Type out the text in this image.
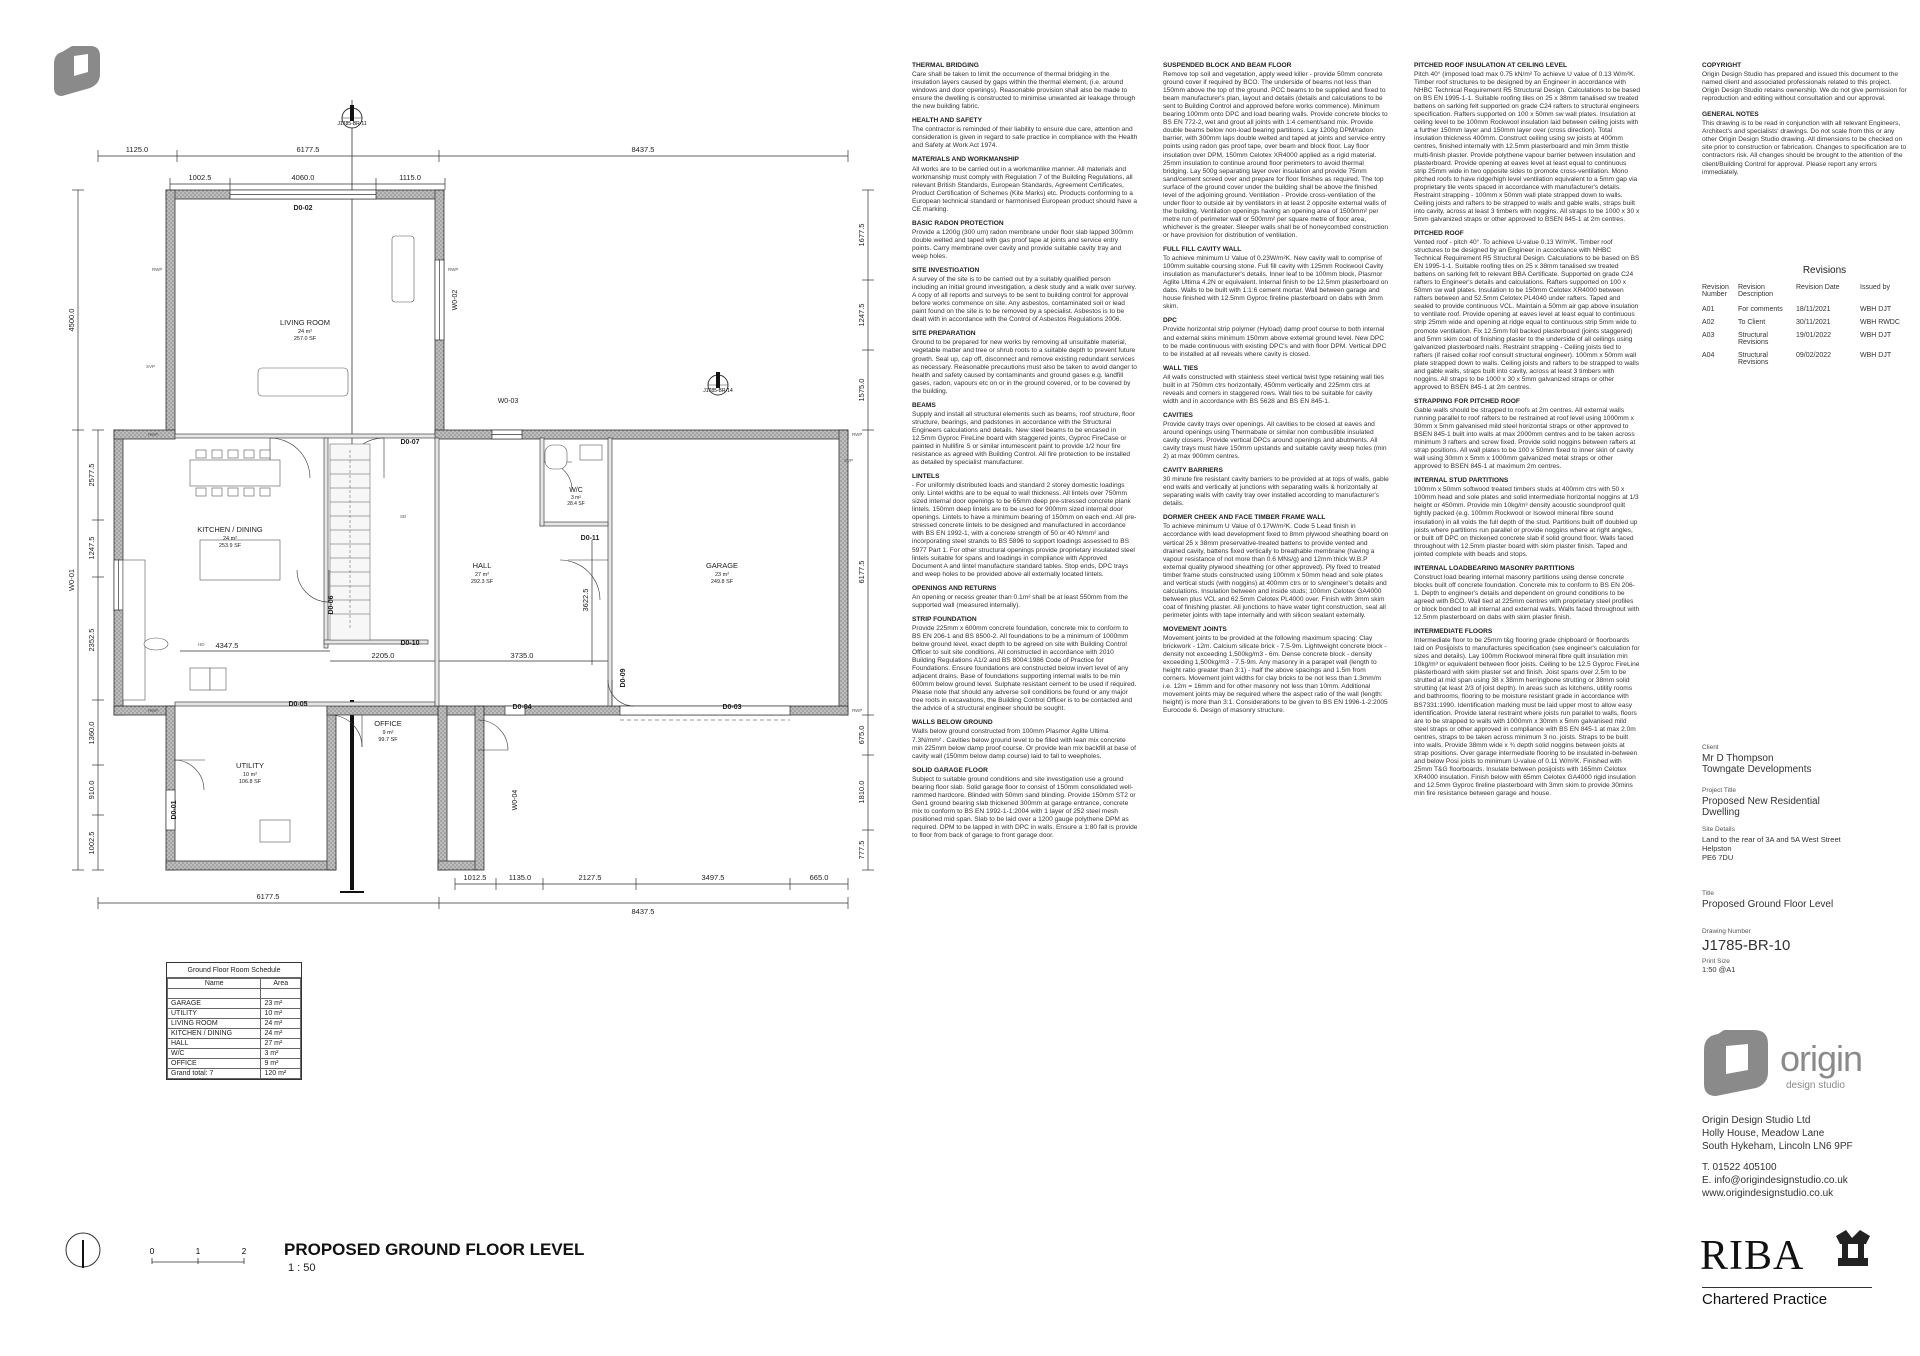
J1785-BR-11
J1785-BR-14
LIVING ROOM
24 m²
257.0 SF
KITCHEN / DINING
24 m²
253.9 SF
HALL
27 m²
292.3 SF
W/C
3 m²
28.4 SF
GARAGE
23 m²
249.8 SF
OFFICE
9 m²
99.7 SF
UTILITY
10 m²
106.8 SF
D0-02
D0-07
D0-11
D0-06
D0-10
D0-09
D0-05	D0-04	D0-03
D0-01
W0-02
W0-03
W0-04
RWP	RWP
RWP	RWP
RWP	RWP
SVP
SVP
SD
HD
1125.0	6177.5	8437.5
1002.5	4060.0	1115.0
4500.0
W0-01
2577.5
1247.5
2352.5
1360.0
910.0
1002.5
1677.5
1247.5
1575.0
6177.5
675.0
1810.0
777.5
1012.5	1135.0	2127.5	3497.5	665.0
6177.5
8437.5
4347.5
2205.0	3735.0
3622.5
0	1	2 PROPOSED GROUND FLOOR LEVEL
1 : 50
Ground Floor Room Schedule
Name	Area

GARAGE	23 m²
UTILITY	10 m²
LIVING ROOM	24 m²
KITCHEN / DINING	24 m²
HALL	27 m²
W/C	3 m²
OFFICE	9 m²
Grand total: 7	120 m²
THERMAL BRIDGING
Care shall be taken to limit the occurrence of thermal bridging in the insulation layers caused by gaps within the thermal element, (i.e. around windows and door openings). Reasonable provision shall also be made to ensure the dwelling is constructed to minimise unwanted air leakage through the new building fabric.
HEALTH AND SAFETY
The contractor is reminded of their liability to ensure due care, attention and consideration is given in regard to safe practice in compliance with the Health and Safety at Work Act 1974.
MATERIALS AND WORKMANSHIP
All works are to be carried out in a workmanlike manner. All materials and workmanship must comply with Regulation 7 of the Building Regulations, all relevant British Standards, European Standards, Agreement Certificates, Product Certification of Schemes (Kite Marks) etc. Products conforming to a European technical standard or harmonised European product should have a CE marking.
BASIC RADON PROTECTION
Provide a 1200g (300 um) radon membrane under floor slab lapped 300mm double welted and taped with gas proof tape at joints and service entry points. Carry membrane over cavity and provide suitable cavity tray and weep holes.
SITE INVESTIGATION
A survey of the site is to be carried out by a suitably qualified person including an initial ground investigation, a desk study and a walk over survey. A copy of all reports and surveys to be sent to building control for approval before works commence on site. Any asbestos, contaminated soil or lead paint found on the site is to be removed by a specialist. Asbestos is to be dealt with in accordance with the Control of Asbestos Regulations 2006.
SITE PREPARATION
Ground to be prepared for new works by removing all unsuitable material, vegetable matter and tree or shrub roots to a suitable depth to prevent future growth. Seal up, cap off, disconnect and remove existing redundant services as necessary. Reasonable precautions must also be taken to avoid danger to health and safety caused by contaminants and ground gases e.g. landfill gases, radon, vapours etc on or in the ground covered, or to be covered by the building.
BEAMS
Supply and install all structural elements such as beams, roof structure, floor structure, bearings, and padstones in accordance with the Structural Engineers calculations and details. New steel beams to be encased in 12.5mm Gyproc FireLine board with staggered joints, Gyproc FireCase or painted in Nullifire S or similar intumescent paint to provide 1/2 hour fire resistance as agreed with Building Control. All fire protection to be installed as detailed by specialist manufacturer.
LINTELS
- For uniformly distributed loads and standard 2 storey domestic loadings only. Lintel widths are to be equal to wall thickness. All lintels over 750mm sized internal door openings to be 65mm deep pre-stressed concrete plank lintels. 150mm deep lintels are to be used for 900mm sized internal door openings. Lintels to have a minimum bearing of 150mm on each end. All pre-stressed concrete lintels to be designed and manufactured in accordance with BS EN 1992-1, with a concrete strength of 50 or 40 N/mm² and incorporating steel strands to BS 5896 to support loadings assessed to BS 5977 Part 1. For other structural openings provide proprietary insulated steel lintels suitable for spans and loadings in compliance with Approved Document A and lintel manufacture standard tables. Stop ends, DPC trays and weep holes to be provided above all externally located lintels.
OPENINGS AND RETURNS
An opening or recess greater than 0.1m² shall be at least 550mm from the supported wall (measured internally).
STRIP FOUNDATION
Provide 225mm x 600mm concrete foundation, concrete mix to conform to BS EN 206-1 and BS 8500-2. All foundations to be a minimum of 1000mm below ground level, exact depth to be agreed on site with Building Control Officer to suit site conditions. All constructed in accordance with 2010 Building Regulations A1/2 and BS 8004:1986 Code of Practice for Foundations. Ensure foundations are constructed below invert level of any adjacent drains. Base of foundations supporting internal walls to be min 600mm below ground level. Sulphate resistant cement to be used if required. Please note that should any adverse soil conditions be found or any major tree roots in excavations, the Building Control Officer is to be contacted and the advice of a structural engineer should be sought.
WALLS BELOW GROUND
Walls below ground constructed from 100mm Plasmor Aglite Ultima 7.3N/mm² . Cavities below ground level to be filled with lean mix concrete min 225mm below damp proof course. Or provide lean mix backfill at base of cavity wall (150mm below damp course) laid to fall to weepholes.
SOLID GARAGE FLOOR
Subject to suitable ground conditions and site investigation use a ground bearing floor slab. Solid garage floor to consist of 150mm consolidated well-rammed hardcore. Blinded with 50mm sand blinding. Provide 150mm ST2 or Gen1 ground bearing slab thickened 300mm at garage entrance, concrete mix to conform to BS EN 1992-1-1:2004 with 1 layer of 252 steel mesh positioned mid span. Slab to be laid over a 1200 gauge polythene DPM as required. DPM to be lapped in with DPC in walls. Ensure a 1:80 fall is provide to floor from back of garage to front garage door.
SUSPENDED BLOCK AND BEAM FLOOR
Remove top soil and vegetation, apply weed killer - provide 50mm concrete ground cover if required by BCO. The underside of beams not less than 150mm above the top of the ground. PCC beams to be supplied and fixed to beam manufacturer's plan, layout and details (details and calculations to be sent to Building Control and approved before works commence). Minimum bearing 100mm onto DPC and load bearing walls. Provide concrete blocks to BS EN 772-2, wet and grout all joints with 1:4 cement/sand mix. Provide double beams below non-load bearing partitions. Lay 1200g DPM/radon barrier, with 300mm laps double welted and taped at joints and service entry points using radon gas proof tape, over beam and block floor. Lay floor insulation over DPM, 150mm Celotex XR4000 applied as a rigid material. 25mm insulation to continue around floor perimeters to avoid thermal bridging. Lay 500g separating layer over insulation and provide 75mm sand/cement screed over and prepare for floor finishes as required. The top surface of the ground cover under the building shall be above the finished level of the adjoining ground. Ventilation - Provide cross-ventilation of the under floor to outside air by ventilators in at least 2 opposite external walls of the building. Ventilation openings having an opening area of 1500mm² per metre run of perimeter wall or 500mm² per square metre of floor area, whichever is the greater. Sleeper walls shall be of honeycombed construction or have provision for distribution of ventilation.
FULL FILL CAVITY WALL
To achieve minimum U Value of 0.23W/m²K. New cavity wall to comprise of 100mm suitable coursing stone. Full fill cavity with 125mm Rockwool Cavity insulation as manufacturer's details. Inner leaf to be 100mm block, Plasmor Aglite Ultima 4.2N or equivalent. Internal finish to be 12.5mm plasterboard on dabs. Walls to be built with 1:1:6 cement mortar. Wall between garage and house finished with 12.5mm Gyproc fireline plasterboard on dabs with 3mm skim.
DPC
Provide horizontal strip polymer (Hyload) damp proof course to both internal and external skins minimum 150mm above external ground level. New DPC to be made continuous with existing DPC's and with floor DPM. Vertical DPC to be installed at all reveals where cavity is closed.
WALL TIES
All walls constructed with stainless steel vertical twist type retaining wall ties built in at 750mm ctrs horizontally, 450mm vertically and 225mm ctrs at reveals and corners in staggered rows. Wall ties to be suitable for cavity width and in accordance with BS 5628 and BS EN 845-1.
CAVITIES
Provide cavity trays over openings. All cavities to be closed at eaves and around openings using Thermabate or similar non combustible insulated cavity closers. Provide vertical DPCs around openings and abutments. All cavity trays must have 150mm upstands and suitable cavity weep holes (min 2) at max 900mm centres.
CAVITY BARRIERS
30 minute fire resistant cavity barriers to be provided at at tops of walls, gable end walls and vertically at junctions with separating walls & horizontally at separating walls with cavity tray over installed according to manufacturer's details.
DORMER CHEEK AND FACE TIMBER FRAME WALL
To achieve minimum U Value of 0.17W/m²K. Code 5 Lead finish in accordance with lead development fixed to 8mm plywood sheathing board on vertical 25 x 38mm preservative-treated battens to provide vented and drained cavity, battens fixed vertically to breathable membrane (having a vapour resistance of not more than 0.6 MNs/g) and 12mm thick W.B.P external quality plywood sheathing (or other approved). Ply fixed to treated timber frame studs constructed using 100mm x 50mm head and sole plates and vertical studs (with noggins) at 400mm ctrs or to s/engineer's details and calculations. Insulation between and inside studs; 100mm Celotex GA4000 between plus VCL and 62.5mm Celotex PL4000 over. Finish with 3mm skim coat of finishing plaster. All junctions to have water tight construction, seal all perimeter joints with tape internally and with silicon sealant externally.
MOVEMENT JOINTS
Movement joints to be provided at the following maximum spacing: Clay brickwork - 12m. Calcium silicate brick - 7.5-9m. Lightweight concrete block - density not exceeding 1,500kg/m3 - 6m. Dense concrete block - density exceeding 1,500kg/m3 - 7.5-9m. Any masonry in a parapet wall (length to height ratio greater than 3:1) - half the above spacings and 1.5m from corners. Movement joint widths for clay bricks to be not less than 1.3mm/m i.e. 12m = 16mm and for other masonry not less than 10mm. Additional movement joints may be required where the aspect ratio of the wall (length: height) is more than 3:1. Considerations to be given to BS EN 1996-1-2:2005 Eurocode 6. Design of masonry structure.
PITCHED ROOF INSULATION AT CEILING LEVEL
Pitch 40° (imposed load max 0.75 kN/m² To achieve U value of 0.13 W/m²K. Timber roof structures to be designed by an Engineer in accordance with NHBC Technical Requirement R5 Structural Design. Calculations to be based on BS EN 1995-1-1. Suitable roofing tiles on 25 x 38mm tanalised sw treated battens on sarking felt supported on grade C24 rafters to structural engineers specification. Rafters supported on 100 x 50mm sw wall plates. Insulation at ceiling level to be 100mm Rockwool insulation laid between ceiling joists with a further 150mm layer and 150mm layer over (cross direction). Total insulation thickness 400mm. Construct ceiling using sw joists at 400mm centres, finished internally with 12.5mm plasterboard and min 3mm thistle multi-finish plaster. Provide polythene vapour barrier between insulation and plasterboard. Provide opening at eaves level at least equal to continuous strip 25mm wide in two opposite sides to promote cross-ventilation. Mono pitched roofs to have ridge/high level ventilation equivalent to a 5mm gap via proprietary tile vents spaced in accordance with manufacturer's details. Restraint strapping - 100mm x 50mm wall plate strapped down to walls. Ceiling joists and rafters to be strapped to walls and gable walls, straps built into cavity, across at least 3 timbers with noggins. All straps to be 1000 x 30 x 5mm galvanized straps or other approved to BSEN 845-1 at 2m centres.
PITCHED ROOF
Vented roof - pitch 40°. To achieve U-value 0.13 W/m²K. Timber roof structures to be designed by an Engineer in accordance with NHBC Technical Requirement R5 Structural Design. Calculations to be based on BS EN 1995-1-1. Suitable roofing tiles on 25 x 38mm tanalised sw treated battens on sarking felt to relevant BBA Certificate. Supported on grade C24 rafters to Engineer's details and calculations. Rafters supported on 100 x 50mm sw wall plates. Insulation to be 150mm Celotex XR4000 between rafters between and 52.5mm Celotex PL4040 under rafters. Taped and sealed to provide continuous VCL. Maintain a 50mm air gap above insulation to ventilate roof. Provide opening at eaves level at least equal to continuous strip 25mm wide and opening at ridge equal to continuous strip 5mm wide to promote ventilation. Fix 12.5mm foil backed plasterboard (joints staggered) and 5mm skim coat of finishing plaster to the underside of all ceilings using galvanized plasterboard nails. Restraint strapping - Ceiling joists tied to rafters (if raised collar roof consult structural engineer). 100mm x 50mm wall plate strapped down to walls. Ceiling joists and rafters to be strapped to walls and gable walls, straps built into cavity, across at least 3 timbers with noggins. All straps to be 1000 x 30 x 5mm galvanized straps or other approved to BSEN 845-1 at 2m centres.
STRAPPING FOR PITCHED ROOF
Gable walls should be strapped to roofs at 2m centres. All external walls running parallel to roof rafters to be restrained at roof level using 1000mm x 30mm x 5mm galvanised mild steel horizontal straps or other approved to BSEN 845-1 built into walls at max 2000mm centres and to be taken across minimum 3 rafters and screw fixed. Provide solid noggins between rafters at strap positions. All wall plates to be 100 x 50mm fixed to inner skin of cavity wall using 30mm x 5mm x 1000mm galvanized metal straps or other approved to BSEN 845-1 at maximum 2m centres.
INTERNAL STUD PARTITIONS
100mm x 50mm softwood treated timbers studs at 400mm ctrs with 50 x 100mm head and sole plates and solid intermediate horizontal noggins at 1/3 height or 450mm. Provide min 10kg/m³ density acoustic soundproof quilt tightly packed (e.g. 100mm Rockwool or Isowool mineral fibre sound insulation) in all voids the full depth of the stud. Partitions built off doubled up joists where partitions run parallel or provide noggins where at right angles, or built off DPC on thickened concrete slab if solid ground floor. Walls faced throughout with 12.5mm plaster board with skim plaster finish. Taped and jointed complete with beads and stops.
INTERNAL LOADBEARING MASONRY PARTITIONS
Construct load bearing internal masonry partitions using dense concrete blocks built off concrete foundation. Concrete mix to conform to BS EN 206-1. Depth to engineer's details and dependent on ground conditions to be agreed with BCO. Wall tied at 225mm centres with proprietary steel profiles or block bonded to all internal and external walls. Walls faced throughout with 12.5mm plasterboard on dabs with skim plaster finish.
INTERMEDIATE FLOORS
Intermediate floor to be 25mm t&g flooring grade chipboard or floorboards laid on Posijoists to manufactures specification (see engineer's calculation for sizes and details). Lay 100mm Rockwool mineral fibre quilt insulation min 10kg/m³ or equivalent between floor joists. Ceiling to be 12.5 Gyproc FireLine plasterboard with skim plaster set and finish. Joist spans over 2.5m to be strutted at mid span using 38 x 38mm herringbone strutting or 38mm solid strutting (at least 2/3 of joist depth). In areas such as kitchens, utility rooms and bathrooms, flooring to be moisture resistant grade in accordance with BS7331:1990. Identification marking must be laid upper most to allow easy identification. Provide lateral restraint where joists run parallel to walls, floors are to be strapped to walls with 1000mm x 30mm x 5mm galvanised mild steel straps or other approved in compliance with BS EN 845-1 at max 2.0m centres, straps to be taken across minimum 3 no. joists. Straps to be built into walls. Provide 38mm wide x ¾ depth solid noggins between joists at strap positions. Over garage intermediate flooring to be insulated in-between and below Posi joists to minimum U-value of 0.11 W/m²K. Finished with 25mm T&G floorboards. Insulate between posijoists with 165mm Celotex XR4000 insulation. Finish below with 65mm Celotex GA4000 rigid insulation and 12.5mm Gyproc fireline plasterboard with 3mm skim to provide 30mins min fire resistance between garage and house.
COPYRIGHT
Origin Design Studio has prepared and issued this document to the named client and associated professionals related to this project. Origin Design Studio retains ownership. We do not give permission for reproduction and editing without consultation and our approval.
GENERAL NOTES
This drawing is to be read in conjunction with all relevant Engineers, Architect's and specialists' drawings. Do not scale from this or any other Origin Design Studio drawing. All dimensions to be checked on site prior to construction or fabrication. Changes to specification are to contractors risk. All changes should be brought to the attention of the client/Building Control for approval. Please report any errors immediately.
Revisions
Revision Number	Revision Description	Revision Date	Issued by
A01	For comments	18/11/2021	WBH DJT
A02	To Client	30/11/2021	WBH RWDC
A03	Structural Revisions	19/01/2022	WBH DJT
A04	Structural Revisions	09/02/2022	WBH DJT
Client
Mr D Thompson
Towngate Developments
Project Title
Proposed New Residential
Dwelling
Site Details
Land to the rear of 3A and 5A West Street
Helpston
PE6 7DU
Title
Proposed Ground Floor Level
Drawing Number
J1785-BR-10
Print Size
1:50 @A1
origin
design studio
Origin Design Studio Ltd
Holly House, Meadow Lane
South Hykeham, Lincoln LN6 9PF
T. 01522 405100
E. info@origindesignstudio.co.uk
www.origindesignstudio.co.uk
RIBA
Chartered Practice
